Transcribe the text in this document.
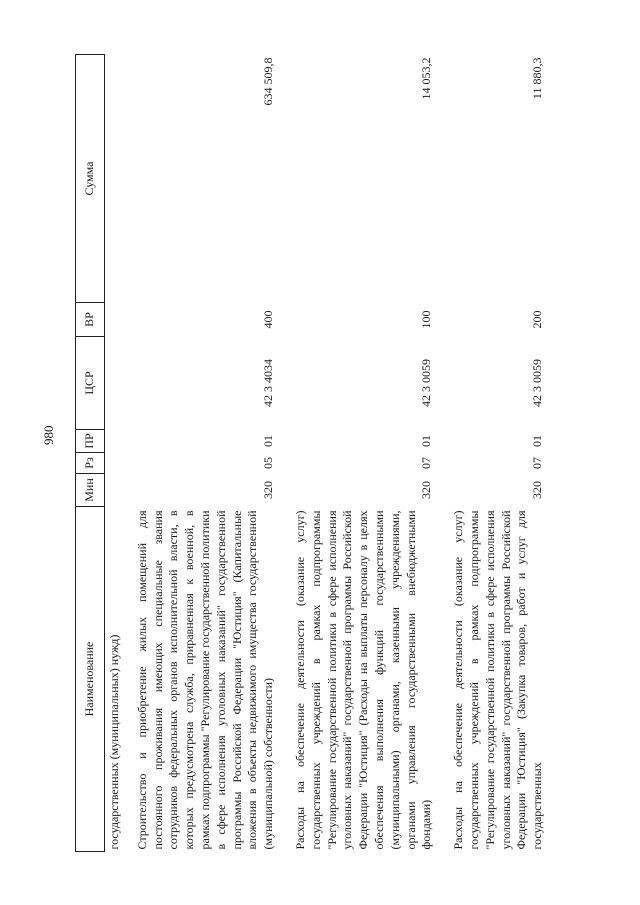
980
Наименование	Мин	Рз	ПР	ЦСР	ВР	Сумма
государственных (муниципальных) нужд)						
Строительство и приобретение жилых помещений для постоянного проживания имеющих специальные звания сотрудников федеральных органов исполнительной власти, в которых предусмотрена служба, приравненная к военной, в рамках подпрограммы "Регулирование государственной политики в сфере исполнения уголовных наказаний" государственной программы Российской Федерации "Юстиция" (Капитальные вложения в объекты недвижимого имущества государственной (муниципальной) собственности)	320	05	01	42 3 4034	400	634 509,8
Расходы на обеспечение деятельности (оказание услуг) государственных учреждений в рамках подпрограммы "Регулирование государственной политики в сфере исполнения уголовных наказаний" государственной программы Российской Федерации "Юстиция" (Расходы на выплаты персоналу в целях обеспечения выполнения функций государственными (муниципальными) органами, казенными учреждениями, органами управления государственными внебюджетными фондами)	320	07	01	42 3 0059	100	14 053,2
Расходы на обеспечение деятельности (оказание услуг) государственных учреждений в рамках подпрограммы "Регулирование государственной политики в сфере исполнения уголовных наказаний" государственной программы Российской Федерации "Юстиция" (Закупка товаров, работ и услуг для государственных	320	07	01	42 3 0059	200	11 880,3
